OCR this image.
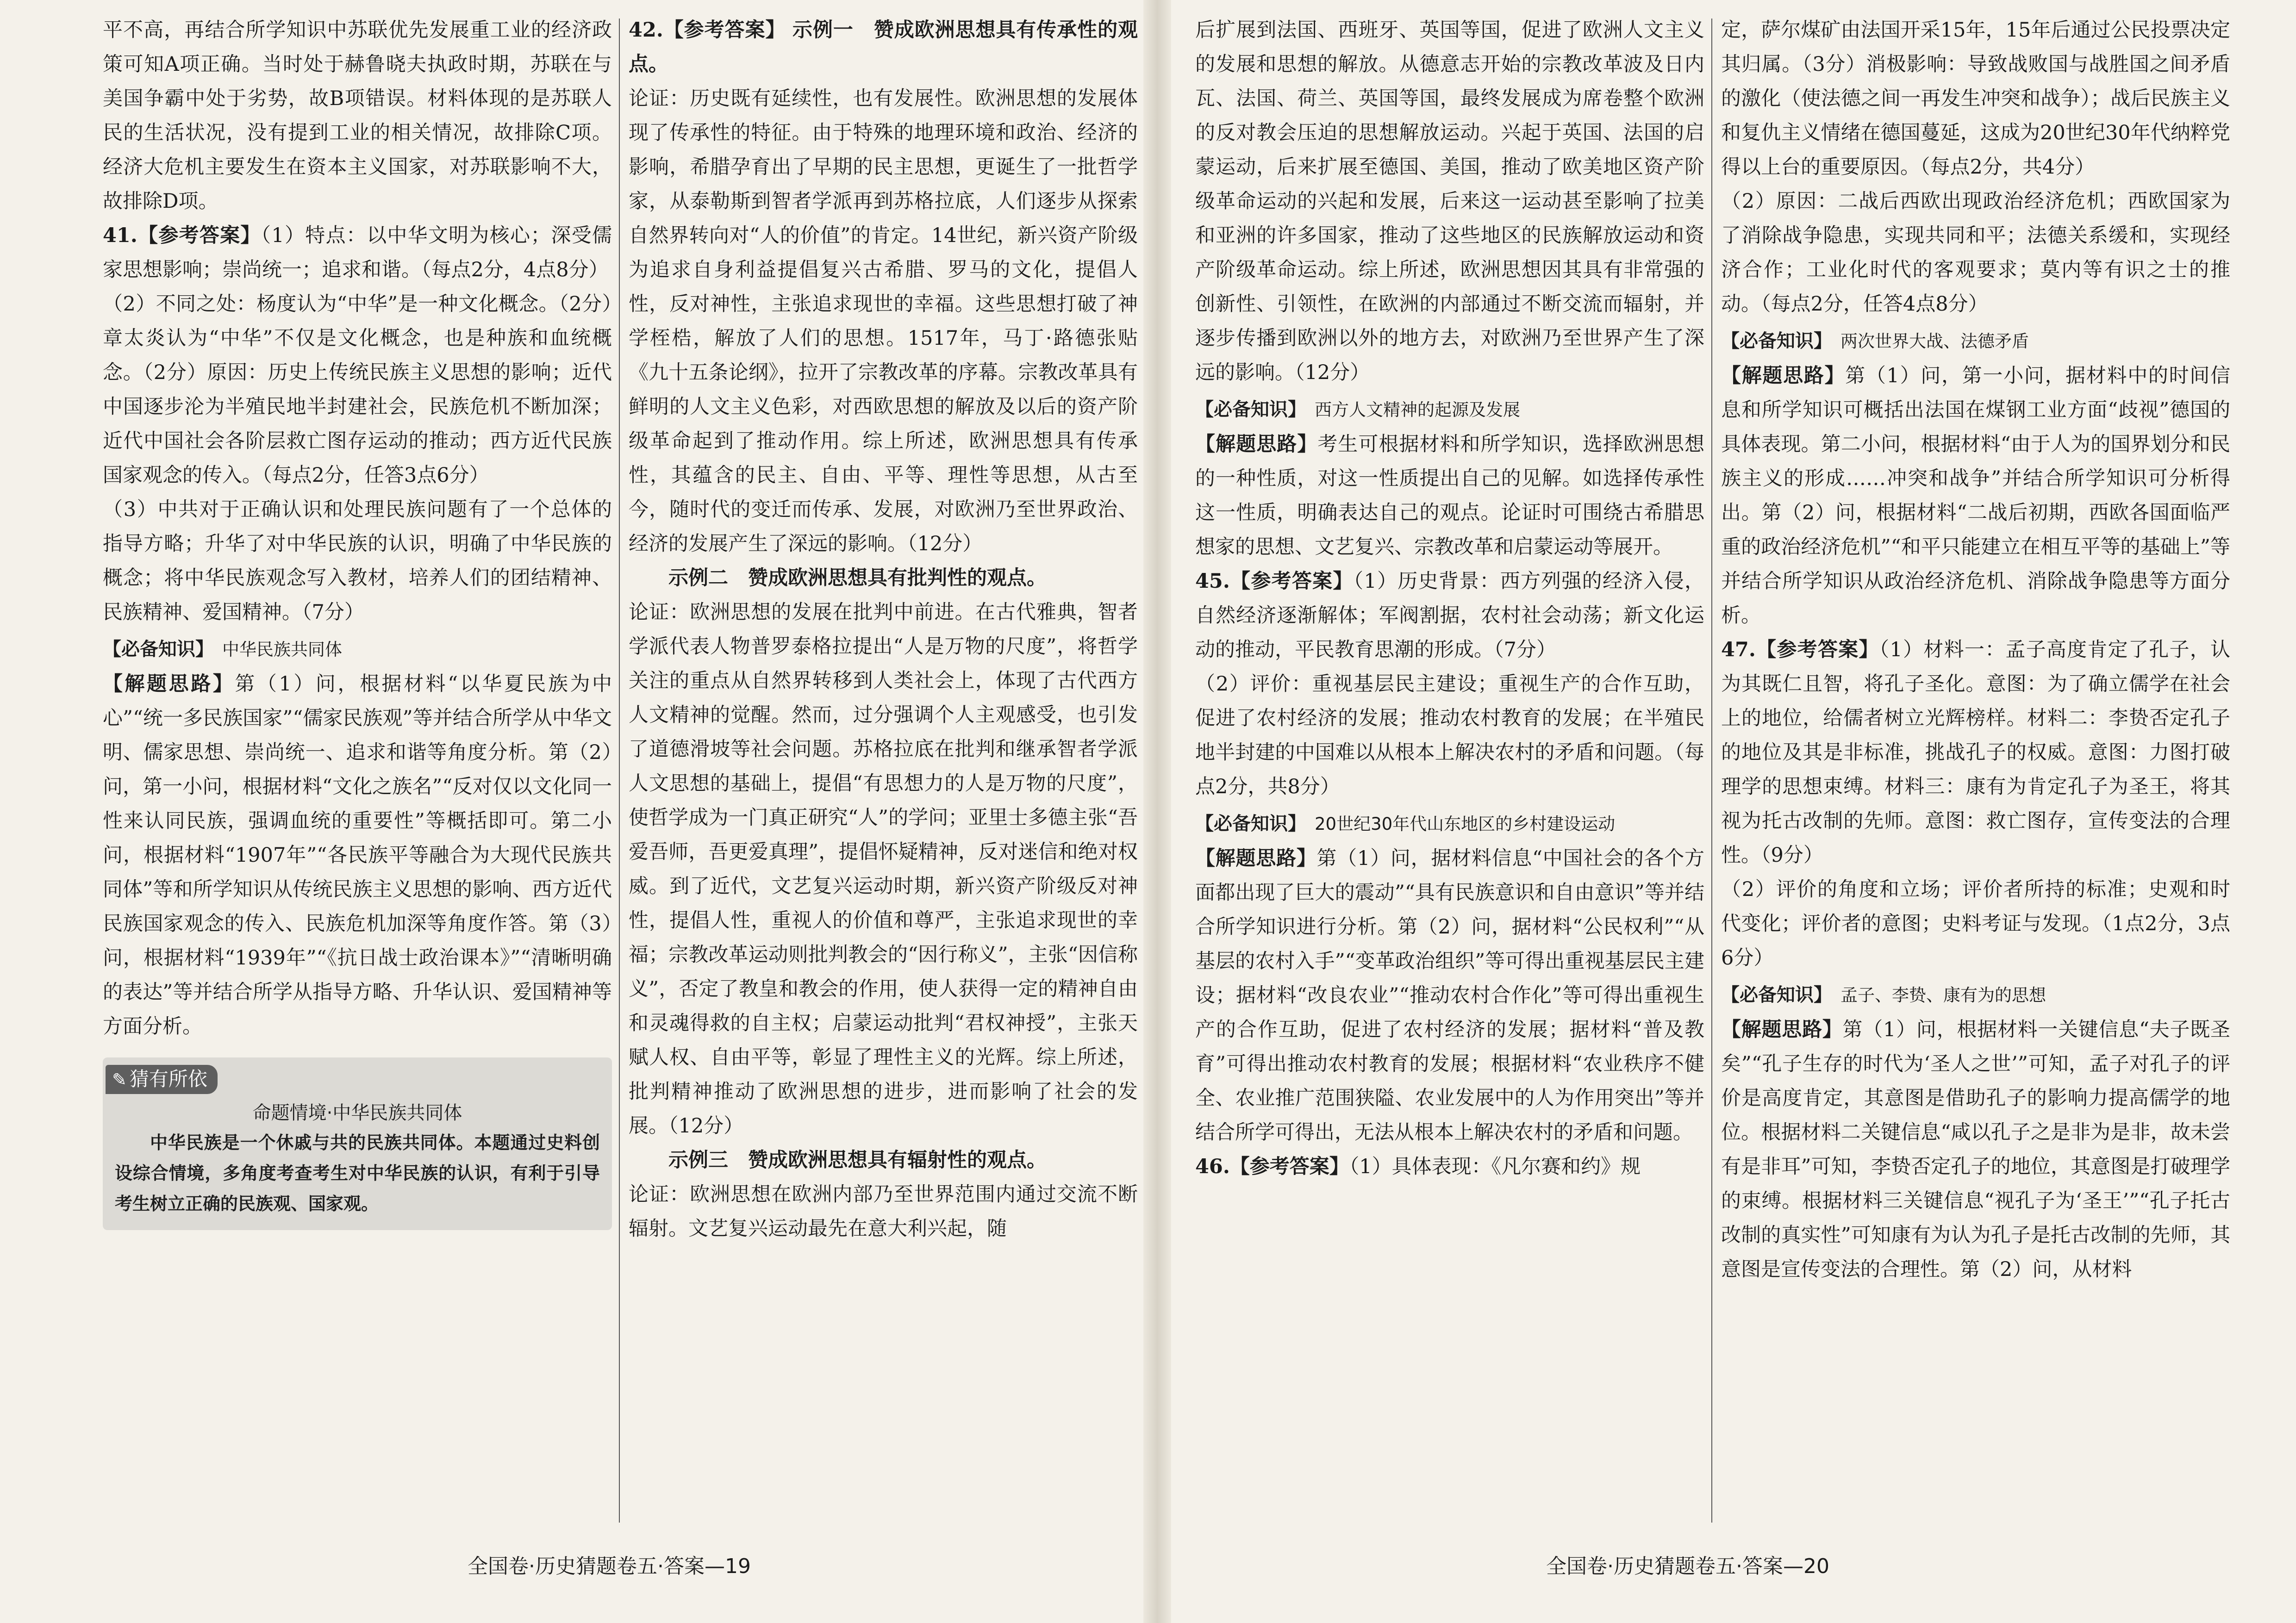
平不高，再结合所学知识中苏联优先发展重工业的经济政策可知A项正确。当时处于赫鲁晓夫执政时期，苏联在与美国争霸中处于劣势，故B项错误。材料体现的是苏联人民的生活状况，没有提到工业的相关情况，故排除C项。经济大危机主要发生在资本主义国家，对苏联影响不大，故排除D项。

41.【参考答案】（1）特点：以中华文明为核心；深受儒家思想影响；崇尚统一；追求和谐。（每点2分，4点8分）

（2）不同之处：杨度认为“中华”是一种文化概念。（2分）章太炎认为“中华”不仅是文化概念，也是种族和血统概念。（2分）原因：历史上传统民族主义思想的影响；近代中国逐步沦为半殖民地半封建社会，民族危机不断加深；近代中国社会各阶层救亡图存运动的推动；西方近代民族国家观念的传入。（每点2分，任答3点6分）

（3）中共对于正确认识和处理民族问题有了一个总体的指导方略；升华了对中华民族的认识，明确了中华民族的概念；将中华民族观念写入教材，培养人们的团结精神、民族精神、爱国精神。（7分）

【必备知识】 中华民族共同体

【解题思路】第（1）问，根据材料“以华夏民族为中心”“统一多民族国家”“儒家民族观”等并结合所学从中华文明、儒家思想、崇尚统一、追求和谐等角度分析。第（2）问，第一小问，根据材料“文化之族名”“反对仅以文化同一性来认同民族，强调血统的重要性”等概括即可。第二小问，根据材料“1907年”“各民族平等融合为大现代民族共同体”等和所学知识从传统民族主义思想的影响、西方近代民族国家观念的传入、民族危机加深等角度作答。第（3）问，根据材料“1939年”“《抗日战士政治课本》”“清晰明确的表达”等并结合所学从指导方略、升华认识、爱国精神等方面分析。

✎ 猜有所依
命题情境·中华民族共同体
中华民族是一个休戚与共的民族共同体。本题通过史料创设综合情境，多角度考查考生对中华民族的认识，有利于引导考生树立正确的民族观、国家观。

42.【参考答案】 示例一　赞成欧洲思想具有传承性的观点。

论证：历史既有延续性，也有发展性。欧洲思想的发展体现了传承性的特征。由于特殊的地理环境和政治、经济的影响，希腊孕育出了早期的民主思想，更诞生了一批哲学家，从泰勒斯到智者学派再到苏格拉底，人们逐步从探索自然界转向对“人的价值”的肯定。14世纪，新兴资产阶级为追求自身利益提倡复兴古希腊、罗马的文化，提倡人性，反对神性，主张追求现世的幸福。这些思想打破了神学桎梏，解放了人们的思想。1517年，马丁·路德张贴《九十五条论纲》，拉开了宗教改革的序幕。宗教改革具有鲜明的人文主义色彩，对西欧思想的解放及以后的资产阶级革命起到了推动作用。综上所述，欧洲思想具有传承性，其蕴含的民主、自由、平等、理性等思想，从古至今，随时代的变迁而传承、发展，对欧洲乃至世界政治、经济的发展产生了深远的影响。（12分）

示例二　赞成欧洲思想具有批判性的观点。

论证：欧洲思想的发展在批判中前进。在古代雅典，智者学派代表人物普罗泰格拉提出“人是万物的尺度”，将哲学关注的重点从自然界转移到人类社会上，体现了古代西方人文精神的觉醒。然而，过分强调个人主观感受，也引发了道德滑坡等社会问题。苏格拉底在批判和继承智者学派人文思想的基础上，提倡“有思想力的人是万物的尺度”，使哲学成为一门真正研究“人”的学问；亚里士多德主张“吾爱吾师，吾更爱真理”，提倡怀疑精神，反对迷信和绝对权威。到了近代，文艺复兴运动时期，新兴资产阶级反对神性，提倡人性，重视人的价值和尊严，主张追求现世的幸福；宗教改革运动则批判教会的“因行称义”，主张“因信称义”，否定了教皇和教会的作用，使人获得一定的精神自由和灵魂得救的自主权；启蒙运动批判“君权神授”，主张天赋人权、自由平等，彰显了理性主义的光辉。综上所述，批判精神推动了欧洲思想的进步，进而影响了社会的发展。（12分）

示例三　赞成欧洲思想具有辐射性的观点。

论证：欧洲思想在欧洲内部乃至世界范围内通过交流不断辐射。文艺复兴运动最先在意大利兴起，随

后扩展到法国、西班牙、英国等国，促进了欧洲人文主义的发展和思想的解放。从德意志开始的宗教改革波及日内瓦、法国、荷兰、英国等国，最终发展成为席卷整个欧洲的反对教会压迫的思想解放运动。兴起于英国、法国的启蒙运动，后来扩展至德国、美国，推动了欧美地区资产阶级革命运动的兴起和发展，后来这一运动甚至影响了拉美和亚洲的许多国家，推动了这些地区的民族解放运动和资产阶级革命运动。综上所述，欧洲思想因其具有非常强的创新性、引领性，在欧洲的内部通过不断交流而辐射，并逐步传播到欧洲以外的地方去，对欧洲乃至世界产生了深远的影响。（12分）

【必备知识】 西方人文精神的起源及发展

【解题思路】考生可根据材料和所学知识，选择欧洲思想的一种性质，对这一性质提出自己的见解。如选择传承性这一性质，明确表达自己的观点。论证时可围绕古希腊思想家的思想、文艺复兴、宗教改革和启蒙运动等展开。

45.【参考答案】（1）历史背景：西方列强的经济入侵，自然经济逐渐解体；军阀割据，农村社会动荡；新文化运动的推动，平民教育思潮的形成。（7分）

（2）评价：重视基层民主建设；重视生产的合作互助，促进了农村经济的发展；推动农村教育的发展；在半殖民地半封建的中国难以从根本上解决农村的矛盾和问题。（每点2分，共8分）

【必备知识】 20世纪30年代山东地区的乡村建设运动

【解题思路】第（1）问，据材料信息“中国社会的各个方面都出现了巨大的震动”“具有民族意识和自由意识”等并结合所学知识进行分析。第（2）问，据材料“公民权利”“从基层的农村入手”“变革政治组织”等可得出重视基层民主建设；据材料“改良农业”“推动农村合作化”等可得出重视生产的合作互助，促进了农村经济的发展；据材料“普及教育”可得出推动农村教育的发展；根据材料“农业秩序不健全、农业推广范围狭隘、农业发展中的人为作用突出”等并结合所学可得出，无法从根本上解决农村的矛盾和问题。

46.【参考答案】（1）具体表现：《凡尔赛和约》规

定，萨尔煤矿由法国开采15年，15年后通过公民投票决定其归属。（3分）消极影响：导致战败国与战胜国之间矛盾的激化（使法德之间一再发生冲突和战争）；战后民族主义和复仇主义情绪在德国蔓延，这成为20世纪30年代纳粹党得以上台的重要原因。（每点2分，共4分）

（2）原因：二战后西欧出现政治经济危机；西欧国家为了消除战争隐患，实现共同和平；法德关系缓和，实现经济合作；工业化时代的客观要求；莫内等有识之士的推动。（每点2分，任答4点8分）

【必备知识】 两次世界大战、法德矛盾

【解题思路】第（1）问，第一小问，据材料中的时间信息和所学知识可概括出法国在煤钢工业方面“歧视”德国的具体表现。第二小问，根据材料“由于人为的国界划分和民族主义的形成……冲突和战争”并结合所学知识可分析得出。第（2）问，根据材料“二战后初期，西欧各国面临严重的政治经济危机”“和平只能建立在相互平等的基础上”等并结合所学知识从政治经济危机、消除战争隐患等方面分析。

47.【参考答案】（1）材料一：孟子高度肯定了孔子，认为其既仁且智，将孔子圣化。意图：为了确立儒学在社会上的地位，给儒者树立光辉榜样。材料二：李贽否定孔子的地位及其是非标准，挑战孔子的权威。意图：力图打破理学的思想束缚。材料三：康有为肯定孔子为圣王，将其视为托古改制的先师。意图：救亡图存，宣传变法的合理性。（9分）

（2）评价的角度和立场；评价者所持的标准；史观和时代变化；评价者的意图；史料考证与发现。（1点2分，3点6分）

【必备知识】 孟子、李贽、康有为的思想

【解题思路】第（1）问，根据材料一关键信息“夫子既圣矣”“孔子生存的时代为‘圣人之世’”可知，孟子对孔子的评价是高度肯定，其意图是借助孔子的影响力提高儒学的地位。根据材料二关键信息“咸以孔子之是非为是非，故未尝有是非耳”可知，李贽否定孔子的地位，其意图是打破理学的束缚。根据材料三关键信息“视孔子为‘圣王’”“孔子托古改制的真实性”可知康有为认为孔子是托古改制的先师，其意图是宣传变法的合理性。第（2）问，从材料

全国卷·历史猜题卷五·答案—19	全国卷·历史猜题卷五·答案—20
